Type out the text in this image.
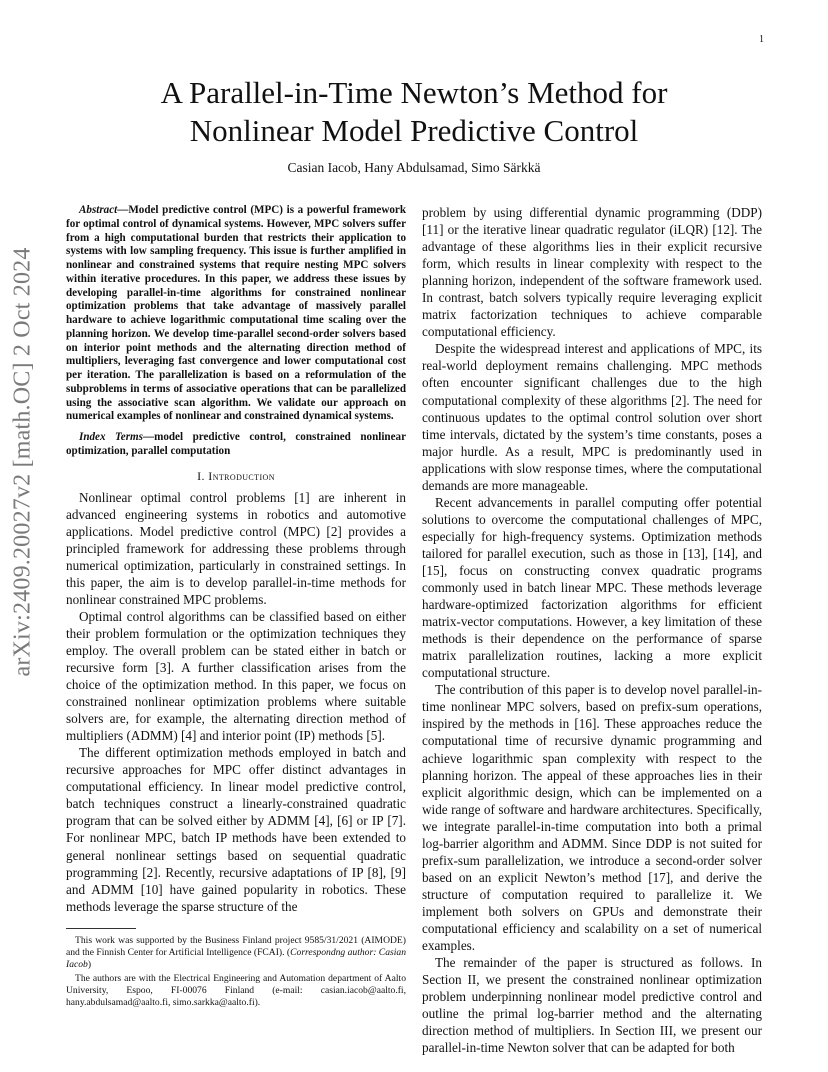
1
arXiv:2409.20027v2 [math.OC] 2 Oct 2024
A Parallel-in-Time Newton’s Method for
Nonlinear Model Predictive Control
Casian Iacob, Hany Abdulsamad, Simo Särkkä

Abstract—Model predictive control (MPC) is a powerful framework for optimal control of dynamical systems. However, MPC solvers suffer from a high computational burden that restricts their application to systems with low sampling frequency. This issue is further amplified in nonlinear and constrained systems that require nesting MPC solvers within iterative procedures. In this paper, we address these issues by developing parallel-in-time algorithms for constrained nonlinear optimization problems that take advantage of massively parallel hardware to achieve logarithmic computational time scaling over the planning horizon. We develop time-parallel second-order solvers based on interior point methods and the alternating direction method of multipliers, leveraging fast convergence and lower computational cost per iteration. The parallelization is based on a reformulation of the subproblems in terms of associative operations that can be parallelized using the associative scan algorithm. We validate our approach on numerical examples of nonlinear and constrained dynamical systems.

Index Terms—model predictive control, constrained nonlinear optimization, parallel computation

I. Introduction

Nonlinear optimal control problems [1] are inherent in advanced engineering systems in robotics and automotive applications. Model predictive control (MPC) [2] provides a principled framework for addressing these problems through numerical optimization, particularly in constrained settings. In this paper, the aim is to develop parallel-in-time methods for nonlinear constrained MPC problems.

Optimal control algorithms can be classified based on either their problem formulation or the optimization techniques they employ. The overall problem can be stated either in batch or recursive form [3]. A further classification arises from the choice of the optimization method. In this paper, we focus on constrained nonlinear optimization problems where suitable solvers are, for example, the alternating direction method of multipliers (ADMM) [4] and interior point (IP) methods [5].

The different optimization methods employed in batch and recursive approaches for MPC offer distinct advantages in computational efficiency. In linear model predictive control, batch techniques construct a linearly-constrained quadratic program that can be solved either by ADMM [4], [6] or IP [7]. For nonlinear MPC, batch IP methods have been extended to general nonlinear settings based on sequential quadratic programming [2]. Recently, recursive adaptations of IP [8], [9] and ADMM [10] have gained popularity in robotics. These methods leverage the sparse structure of the

problem by using differential dynamic programming (DDP) [11] or the iterative linear quadratic regulator (iLQR) [12]. The advantage of these algorithms lies in their explicit recursive form, which results in linear complexity with respect to the planning horizon, independent of the software framework used. In contrast, batch solvers typically require leveraging explicit matrix factorization techniques to achieve comparable computational efficiency.

Despite the widespread interest and applications of MPC, its real-world deployment remains challenging. MPC methods often encounter significant challenges due to the high computational complexity of these algorithms [2]. The need for continuous updates to the optimal control solution over short time intervals, dictated by the system’s time constants, poses a major hurdle. As a result, MPC is predominantly used in applications with slow response times, where the computational demands are more manageable.

Recent advancements in parallel computing offer potential solutions to overcome the computational challenges of MPC, especially for high-frequency systems. Optimization methods tailored for parallel execution, such as those in [13], [14], and [15], focus on constructing convex quadratic programs commonly used in batch linear MPC. These methods leverage hardware-optimized factorization algorithms for efficient matrix-vector computations. However, a key limitation of these methods is their dependence on the performance of sparse matrix parallelization routines, lacking a more explicit computational structure.

The contribution of this paper is to develop novel parallel-in-time nonlinear MPC solvers, based on prefix-sum operations, inspired by the methods in [16]. These approaches reduce the computational time of recursive dynamic programming and achieve logarithmic span complexity with respect to the planning horizon. The appeal of these approaches lies in their explicit algorithmic design, which can be implemented on a wide range of software and hardware architectures. Specifically, we integrate parallel-in-time computation into both a primal log-barrier algorithm and ADMM. Since DDP is not suited for prefix-sum parallelization, we introduce a second-order solver based on an explicit Newton’s method [17], and derive the structure of computation required to parallelize it. We implement both solvers on GPUs and demonstrate their computational efficiency and scalability on a set of numerical examples.

The remainder of the paper is structured as follows. In Section II, we present the constrained nonlinear optimization problem underpinning nonlinear model predictive control and outline the primal log-barrier method and the alternating direction method of multipliers. In Section III, we present our parallel-in-time Newton solver that can be adapted for both

This work was supported by the Business Finland project 9585/31/2021 (AIMODE) and the Finnish Center for Artificial Intelligence (FCAI). (Correspondng author: Casian Iacob)

The authors are with the Electrical Engineering and Automation department of Aalto University, Espoo, FI-00076 Finland (e-mail: casian.iacob@aalto.fi, hany.abdulsamad@aalto.fi, simo.sarkka@aalto.fi).
